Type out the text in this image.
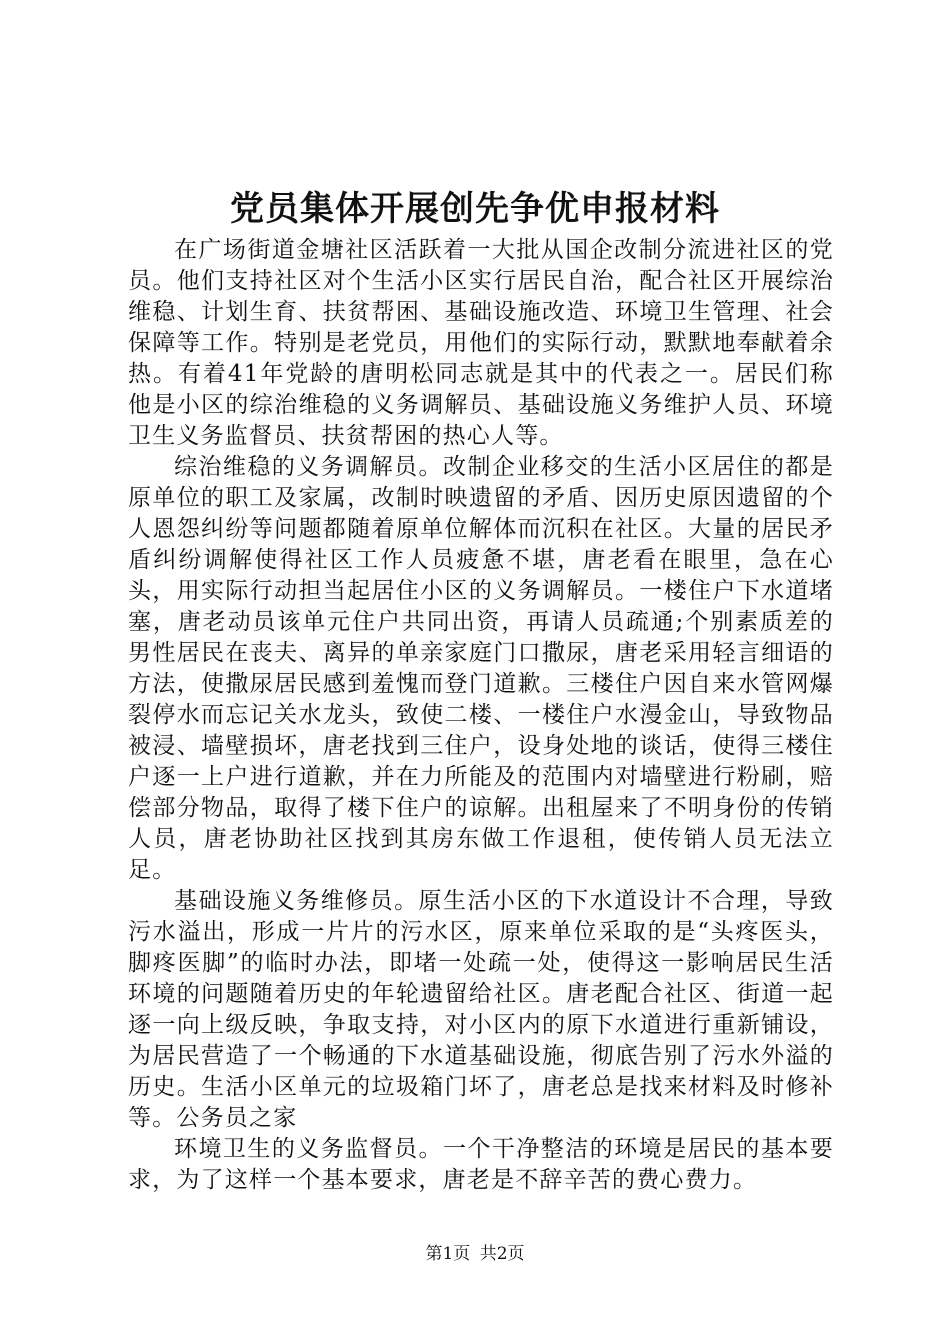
党员集体开展创先争优申报材料

在广场街道金塘社区活跃着一大批从国企改制分流进社区的党员。他们支持社区对个生活小区实行居民自治，配合社区开展综治维稳、计划生育、扶贫帮困、基础设施改造、环境卫生管理、社会保障等工作。特别是老党员，用他们的实际行动，默默地奉献着余热。有着41年党龄的唐明松同志就是其中的代表之一。居民们称他是小区的综治维稳的义务调解员、基础设施义务维护人员、环境卫生义务监督员、扶贫帮困的热心人等。

综治维稳的义务调解员。改制企业移交的生活小区居住的都是原单位的职工及家属，改制时映遗留的矛盾、因历史原因遗留的个人恩怨纠纷等问题都随着原单位解体而沉积在社区。大量的居民矛盾纠纷调解使得社区工作人员疲惫不堪，唐老看在眼里，急在心头，用实际行动担当起居住小区的义务调解员。一楼住户下水道堵塞，唐老动员该单元住户共同出资，再请人员疏通;个别素质差的男性居民在丧夫、离异的单亲家庭门口撒尿，唐老采用轻言细语的方法，使撒尿居民感到羞愧而登门道歉。三楼住户因自来水管网爆裂停水而忘记关水龙头，致使二楼、一楼住户水漫金山，导致物品被浸、墙壁损坏，唐老找到三住户，设身处地的谈话，使得三楼住户逐一上户进行道歉，并在力所能及的范围内对墙壁进行粉刷，赔偿部分物品，取得了楼下住户的谅解。出租屋来了不明身份的传销人员，唐老协助社区找到其房东做工作退租，使传销人员无法立足。

基础设施义务维修员。原生活小区的下水道设计不合理，导致污水溢出，形成一片片的污水区，原来单位采取的是“头疼医头，脚疼医脚”的临时办法，即堵一处疏一处，使得这一影响居民生活环境的问题随着历史的年轮遗留给社区。唐老配合社区、街道一起逐一向上级反映，争取支持，对小区内的原下水道进行重新铺设，为居民营造了一个畅通的下水道基础设施，彻底告别了污水外溢的历史。生活小区单元的垃圾箱门坏了，唐老总是找来材料及时修补等。公务员之家

环境卫生的义务监督员。一个干净整洁的环境是居民的基本要求，为了这样一个基本要求，唐老是不辞辛苦的费心费力。

第1页 共2页
